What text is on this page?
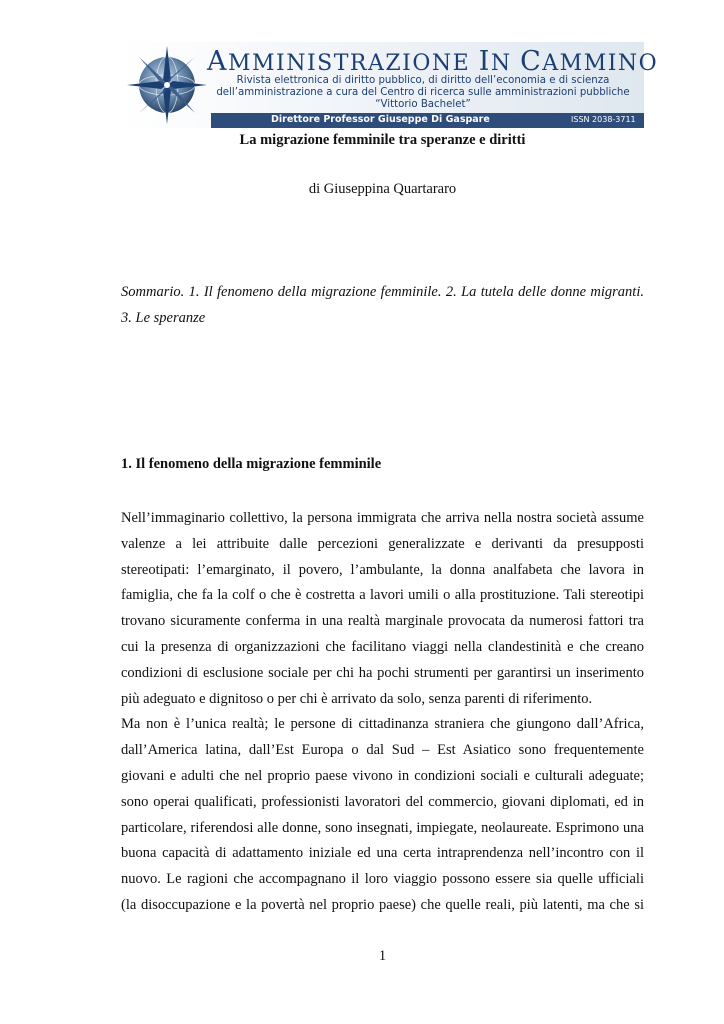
AMMINISTRAZIONE IN CAMMINO
Rivista elettronica di diritto pubblico, di diritto dell’economia e di scienza
dell’amministrazione a cura del Centro di ricerca sulle amministrazioni pubbliche
“Vittorio Bachelet”
Direttore Professor Giuseppe Di Gaspare	ISSN 2038-3711
La migrazione femminile tra speranze e diritti
di Giuseppina Quartararo
Sommario. 1. Il fenomeno della migrazione femminile. 2. La tutela delle donne migranti.
3. Le speranze
1. Il fenomeno della migrazione femminile
Nell’immaginario collettivo, la persona immigrata che arriva nella nostra società assume
valenze a lei attribuite dalle percezioni generalizzate e derivanti da presupposti
stereotipati: l’emarginato, il povero, l’ambulante, la donna analfabeta che lavora in
famiglia, che fa la colf o che è costretta a lavori umili o alla prostituzione. Tali stereotipi
trovano sicuramente conferma in una realtà marginale provocata da numerosi fattori tra
cui la presenza di organizzazioni che facilitano viaggi nella clandestinità e che creano
condizioni di esclusione sociale per chi ha pochi strumenti per garantirsi un inserimento
più adeguato e dignitoso o per chi è arrivato da solo, senza parenti di riferimento.
Ma non è l’unica realtà; le persone di cittadinanza straniera che giungono dall’Africa,
dall’America latina, dall’Est Europa o dal Sud – Est Asiatico sono frequentemente
giovani e adulti che nel proprio paese vivono in condizioni sociali e culturali adeguate;
sono operai qualificati, professionisti lavoratori del commercio, giovani diplomati, ed in
particolare, riferendosi alle donne, sono insegnati, impiegate, neolaureate. Esprimono una
buona capacità di adattamento iniziale ed una certa intraprendenza nell’incontro con il
nuovo. Le ragioni che accompagnano il loro viaggio possono essere sia quelle ufficiali
(la disoccupazione e la povertà nel proprio paese) che quelle reali, più latenti, ma che si
1
